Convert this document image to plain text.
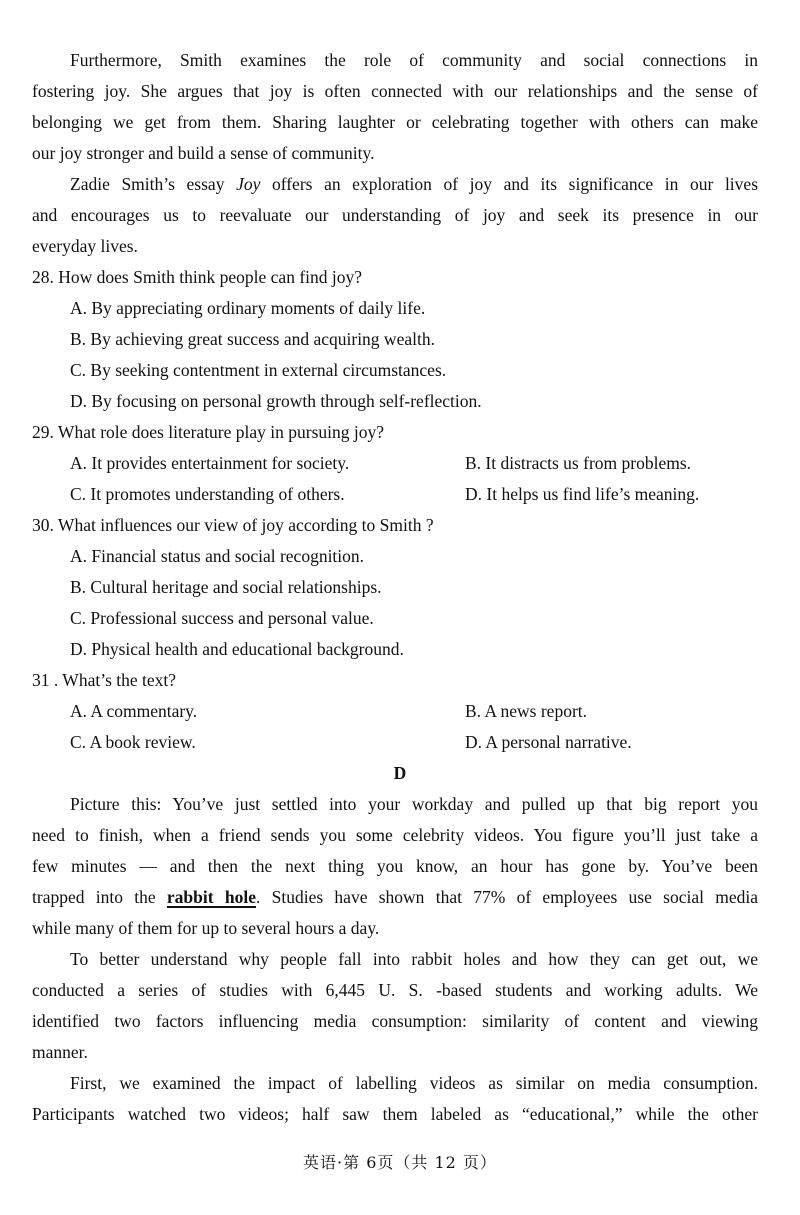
Furthermore, Smith examines the role of community and social connections in
fostering joy. She argues that joy is often connected with our relationships and the sense of
belonging we get from them. Sharing laughter or celebrating together with others can make
our joy stronger and build a sense of community.
Zadie Smith’s essay Joy offers an exploration of joy and its significance in our lives
and encourages us to reevaluate our understanding of joy and seek its presence in our
everyday lives.
28. How does Smith think people can find joy?
A. By appreciating ordinary moments of daily life.
B. By achieving great success and acquiring wealth.
C. By seeking contentment in external circumstances.
D. By focusing on personal growth through self-reflection.
29. What role does literature play in pursuing joy?
A. It provides entertainment for society.	B. It distracts us from problems.
C. It promotes understanding of others.	D. It helps us find life’s meaning.
30. What influences our view of joy according to Smith ?
A. Financial status and social recognition.
B. Cultural heritage and social relationships.
C. Professional success and personal value.
D. Physical health and educational background.
31 . What’s the text?
A. A commentary.	B. A news report.
C. A book review.	D. A personal narrative.
D
Picture this: You’ve just settled into your workday and pulled up that big report you
need to finish, when a friend sends you some celebrity videos. You figure you’ll just take a
few minutes — and then the next thing you know, an hour has gone by. You’ve been
trapped into the rabbit hole. Studies have shown that 77% of employees use social media
while many of them for up to several hours a day.
To better understand why people fall into rabbit holes and how they can get out, we
conducted a series of studies with 6,445 U. S. -based students and working adults. We
identified two factors influencing media consumption: similarity of content and viewing
manner.
First, we examined the impact of labelling videos as similar on media consumption.
Participants watched two videos; half saw them labeled as “educational,” while the other
英语·第 6页（共 12 页）
